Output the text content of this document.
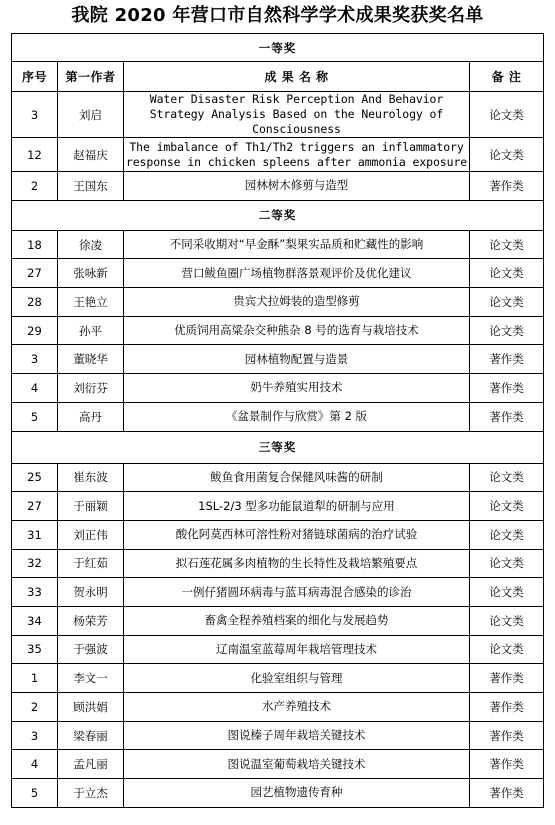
我院 2020 年营口市自然科学学术成果奖获奖名单
一等奖			
序号	第一作者	成 果 名 称	备 注
3	刘启	Water Disaster Risk Perception And Behavior Strategy Analysis Based on the Neurology of Consciousness	论文类
12	赵福庆	The imbalance of Th1/Th2 triggers an inflammatory response in chicken spleens after ammonia exposure	论文类
2	王国东	园林树木修剪与造型	著作类
二等奖			
18	徐凌	不同采收期对“早金酥”梨果实品质和贮藏性的影响	论文类
27	张咏新	营口鲅鱼圈广场植物群落景观评价及优化建议	论文类
28	王艳立	贵宾犬拉姆装的造型修剪	论文类
29	孙平	优质饲用高粱杂交种熊杂 8 号的选育与栽培技术	论文类
3	董晓华	园林植物配置与造景	著作类
4	刘衍芬	奶牛养殖实用技术	著作类
5	高丹	《盆景制作与欣赏》第 2 版	著作类
三等奖			
25	崔东波	鲅鱼食用菌复合保健风味酱的研制	论文类
27	于丽颖	1SL-2/3 型多功能鼠道犁的研制与应用	论文类
31	刘正伟	酸化阿莫西林可溶性粉对猪链球菌病的治疗试验	论文类
32	于红茹	拟石莲花属多肉植物的生长特性及栽培繁殖要点	论文类
33	贺永明	一例仔猪圆环病毒与蓝耳病毒混合感染的诊治	论文类
34	杨荣芳	畜禽全程养殖档案的细化与发展趋势	论文类
35	于强波	辽南温室蓝莓周年栽培管理技术	论文类
1	李文一	化验室组织与管理	著作类
2	顾洪娟	水产养殖技术	著作类
3	梁春丽	图说榛子周年栽培关键技术	著作类
4	孟凡丽	图说温室葡萄栽培关键技术	著作类
5	于立杰	园艺植物遗传育种	著作类
